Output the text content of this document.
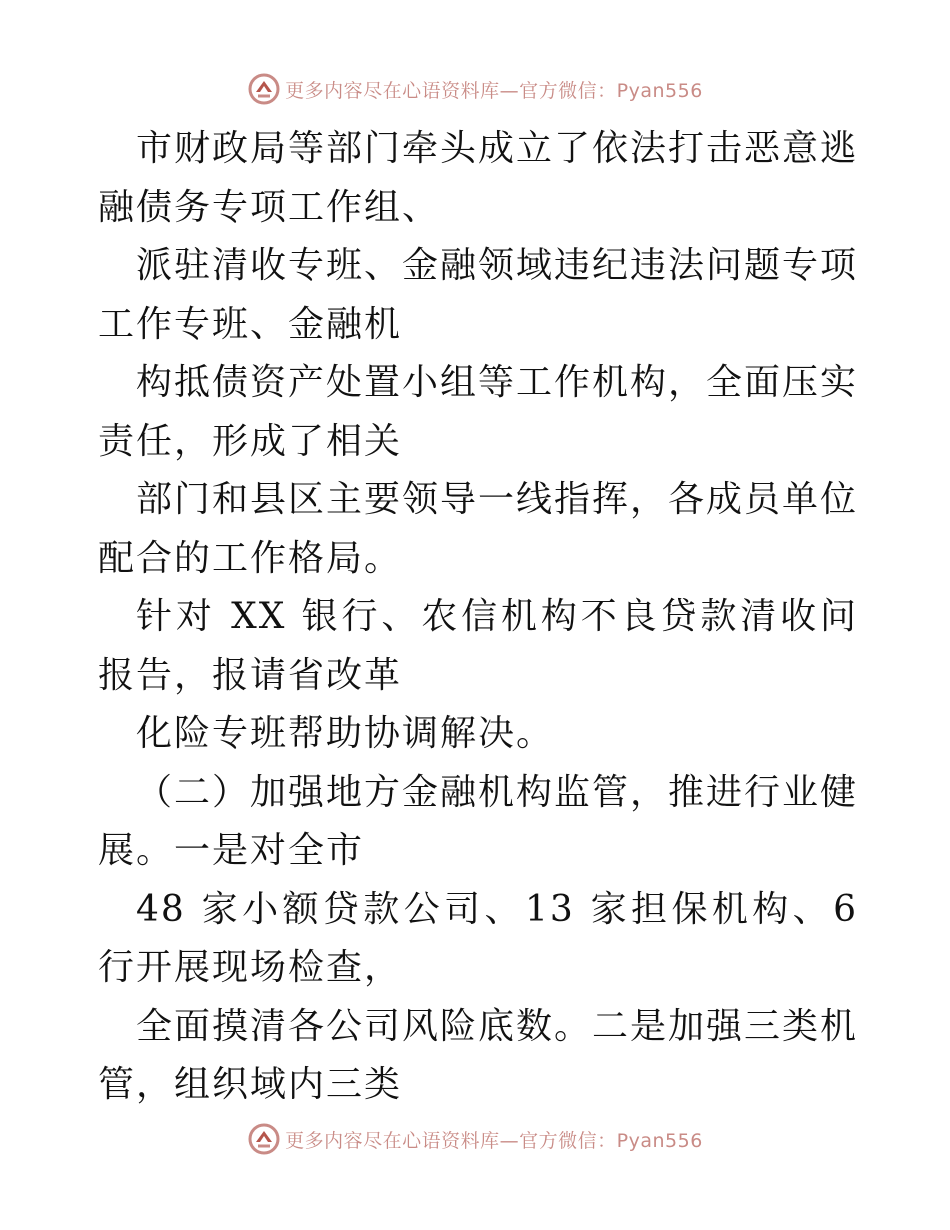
更多内容尽在心语资料库—官方微信：Pyan556
市财政局等部门牵头成立了依法打击恶意逃
融债务专项工作组、
派驻清收专班、金融领域违纪违法问题专项
工作专班、金融机
构抵债资产处置小组等工作机构，全面压实
责任，形成了相关
部门和县区主要领导一线指挥，各成员单位
配合的工作格局。
针对 XX 银行、农信机构不良贷款清收问
报告，报请省改革
化险专班帮助协调解决。
（二）加强地方金融机构监管，推进行业健
展。一是对全市
48 家小额贷款公司、13 家担保机构、6
行开展现场检查，
全面摸清各公司风险底数。二是加强三类机
管，组织域内三类
更多内容尽在心语资料库—官方微信：Pyan556
